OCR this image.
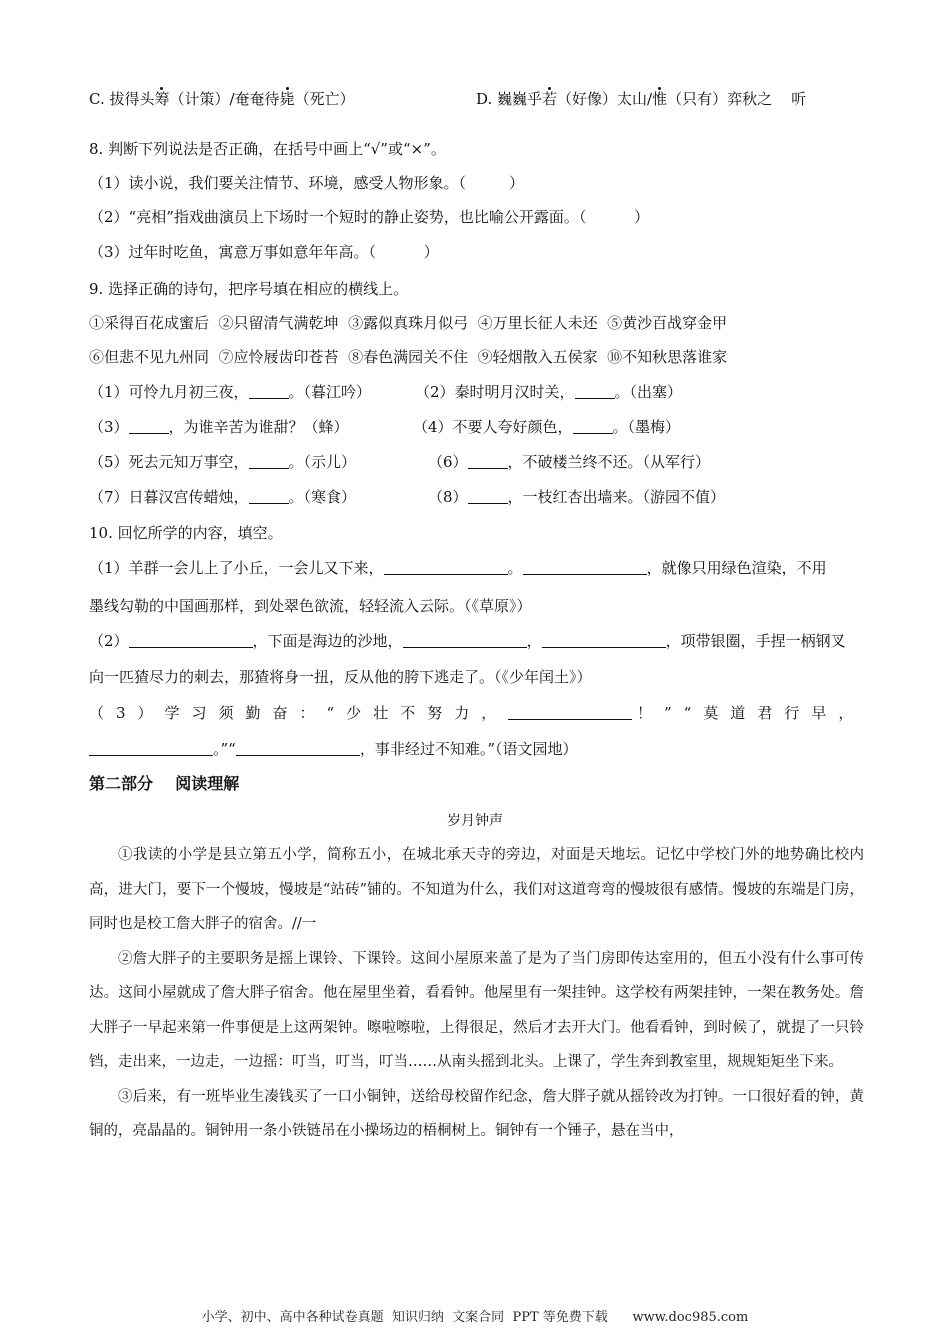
C. 拔得头筹（计策）/奄奄待毙（死亡）	D. 巍巍乎若（好像）太山/惟（只有）弈秋之 听
8. 判断下列说法是否正确，在括号中画上“√”或“×”。
（1）读小说，我们要关注情节、环境，感受人物形象。（         ）
（2）“亮相”指戏曲演员上下场时一个短时的静止姿势，也比喻公开露面。（          ）
（3）过年时吃鱼，寓意万事如意年年高。（          ）
9. 选择正确的诗句，把序号填在相应的横线上。
①采得百花成蜜后  ②只留清气满乾坤  ③露似真珠月似弓  ④万里长征人未还  ⑤黄沙百战穿金甲
⑥但悲不见九州同  ⑦应怜屐齿印苍苔  ⑧春色满园关不住  ⑨轻烟散入五侯家  ⑩不知秋思落谁家
（1）可怜九月初三夜，	。（暮江吟）	（2）秦时明月汉时关，	。（出塞）
（3）	，为谁辛苦为谁甜？（蜂）	（4）不要人夸好颜色，	。（墨梅）
（5）死去元知万事空，	。（示儿）	（6）	，不破楼兰终不还。（从军行）
（7）日暮汉宫传蜡烛，	。（寒食）	（8）	，一枝红杏出墙来。（游园不值）
10. 回忆所学的内容，填空。
（1）羊群一会儿上了小丘，一会儿又下来，	。	，就像只用绿色渲染，不用
墨线勾勒的中国画那样，到处翠色欲流，轻轻流入云际。（《草原》）
（2）	，下面是海边的沙地，	，	，项带银圈，手捏一柄钢叉
向一匹猹尽力的刺去，那猹将身一扭，反从他的胯下逃走了。（《少年闰土》）
（3）学习须勤奋：“少壮不努力，	！”“莫道君行早，
。”“	，事非经过不知难。”（语文园地）
第二部分    阅读理解
岁月钟声

①我读的小学是县立第五小学，简称五小，在城北承天寺的旁边，对面是天地坛。记忆中学校门外的地势确比校内高，进大门，要下一个慢坡，慢坡是“站砖”铺的。不知道为什么，我们对这道弯弯的慢坡很有感情。慢坡的东端是门房，同时也是校工詹大胖子的宿舍。//一

②詹大胖子的主要职务是摇上课铃、下课铃。这间小屋原来盖了是为了当门房即传达室用的，但五小没有什么事可传达。这间小屋就成了詹大胖子宿舍。他在屋里坐着，看看钟。他屋里有一架挂钟。这学校有两架挂钟，一架在教务处。詹大胖子一早起来第一件事便是上这两架钟。嚓啦嚓啦，上得很足，然后才去开大门。他看看钟，到时候了，就提了一只铃铛，走出来，一边走，一边摇：叮当，叮当，叮当……从南头摇到北头。上课了，学生奔到教室里，规规矩矩坐下来。

③后来，有一班毕业生凑钱买了一口小铜钟，送给母校留作纪念，詹大胖子就从摇铃改为打钟。一口很好看的钟，黄铜的，亮晶晶的。铜钟用一条小铁链吊在小操场边的梧桐树上。铜钟有一个锤子，悬在当中，

小学、初中、高中各种试卷真题  知识归纳  文案合同  PPT 等免费下载 www.doc985.com
